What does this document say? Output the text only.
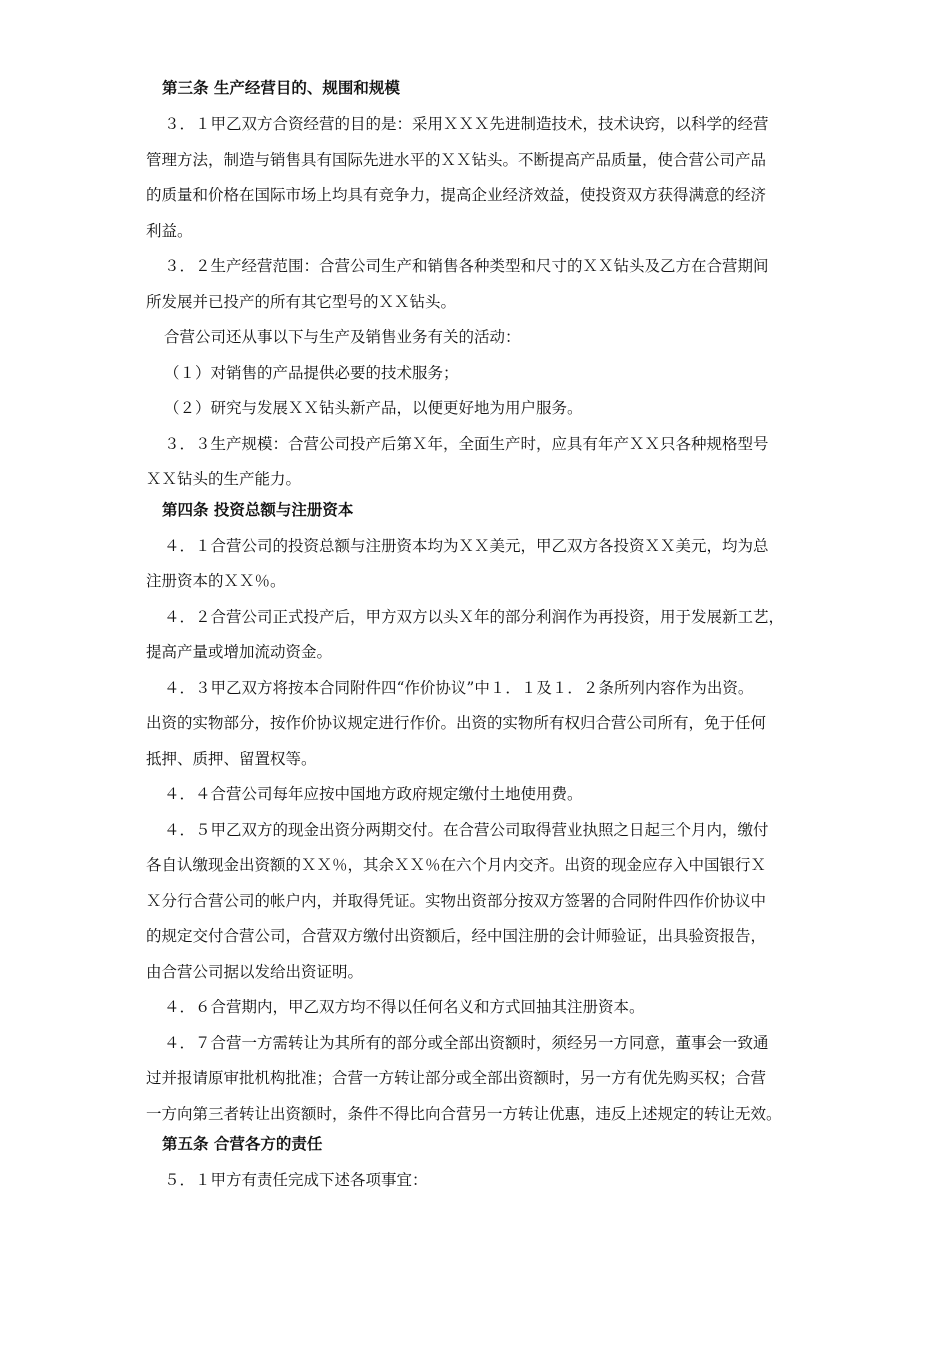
第三条 生产经营目的、规围和规模
３．１甲乙双方合资经营的目的是：采用ＸＸＸ先进制造技术，技术诀窍，以科学的经营
管理方法，制造与销售具有国际先进水平的ＸＸ钻头。不断提高产品质量，使合营公司产品
的质量和价格在国际市场上均具有竞争力，提高企业经济效益，使投资双方获得满意的经济
利益。
３．２生产经营范围：合营公司生产和销售各种类型和尺寸的ＸＸ钻头及乙方在合营期间
所发展并已投产的所有其它型号的ＸＸ钻头。
合营公司还从事以下与生产及销售业务有关的活动：
（１）对销售的产品提供必要的技术服务；
（２）研究与发展ＸＸ钻头新产品，以便更好地为用户服务。
３．３生产规模：合营公司投产后第Ｘ年，全面生产时，应具有年产ＸＸ只各种规格型号
ＸＸ钻头的生产能力。
第四条 投资总额与注册资本
４．１合营公司的投资总额与注册资本均为ＸＸ美元，甲乙双方各投资ＸＸ美元，均为总
注册资本的ＸＸ％。
４．２合营公司正式投产后，甲方双方以头Ｘ年的部分利润作为再投资，用于发展新工艺，
提高产量或增加流动资金。
４．３甲乙双方将按本合同附件四“作价协议”中１．１及１．２条所列内容作为出资。
出资的实物部分，按作价协议规定进行作价。出资的实物所有权归合营公司所有，免于任何
抵押、质押、留置权等。
４．４合营公司每年应按中国地方政府规定缴付土地使用费。
４．５甲乙双方的现金出资分两期交付。在合营公司取得营业执照之日起三个月内，缴付
各自认缴现金出资额的ＸＸ％，其余ＸＸ％在六个月内交齐。出资的现金应存入中国银行Ｘ
Ｘ分行合营公司的帐户内，并取得凭证。实物出资部分按双方签署的合同附件四作价协议中
的规定交付合营公司，合营双方缴付出资额后，经中国注册的会计师验证，出具验资报告，
由合营公司据以发给出资证明。
４．６合营期内，甲乙双方均不得以任何名义和方式回抽其注册资本。
４．７合营一方需转让为其所有的部分或全部出资额时，须经另一方同意，董事会一致通
过并报请原审批机构批准；合营一方转让部分或全部出资额时，另一方有优先购买权；合营
一方向第三者转让出资额时，条件不得比向合营另一方转让优惠，违反上述规定的转让无效。
第五条 合营各方的责任
５．１甲方有责任完成下述各项事宜：
